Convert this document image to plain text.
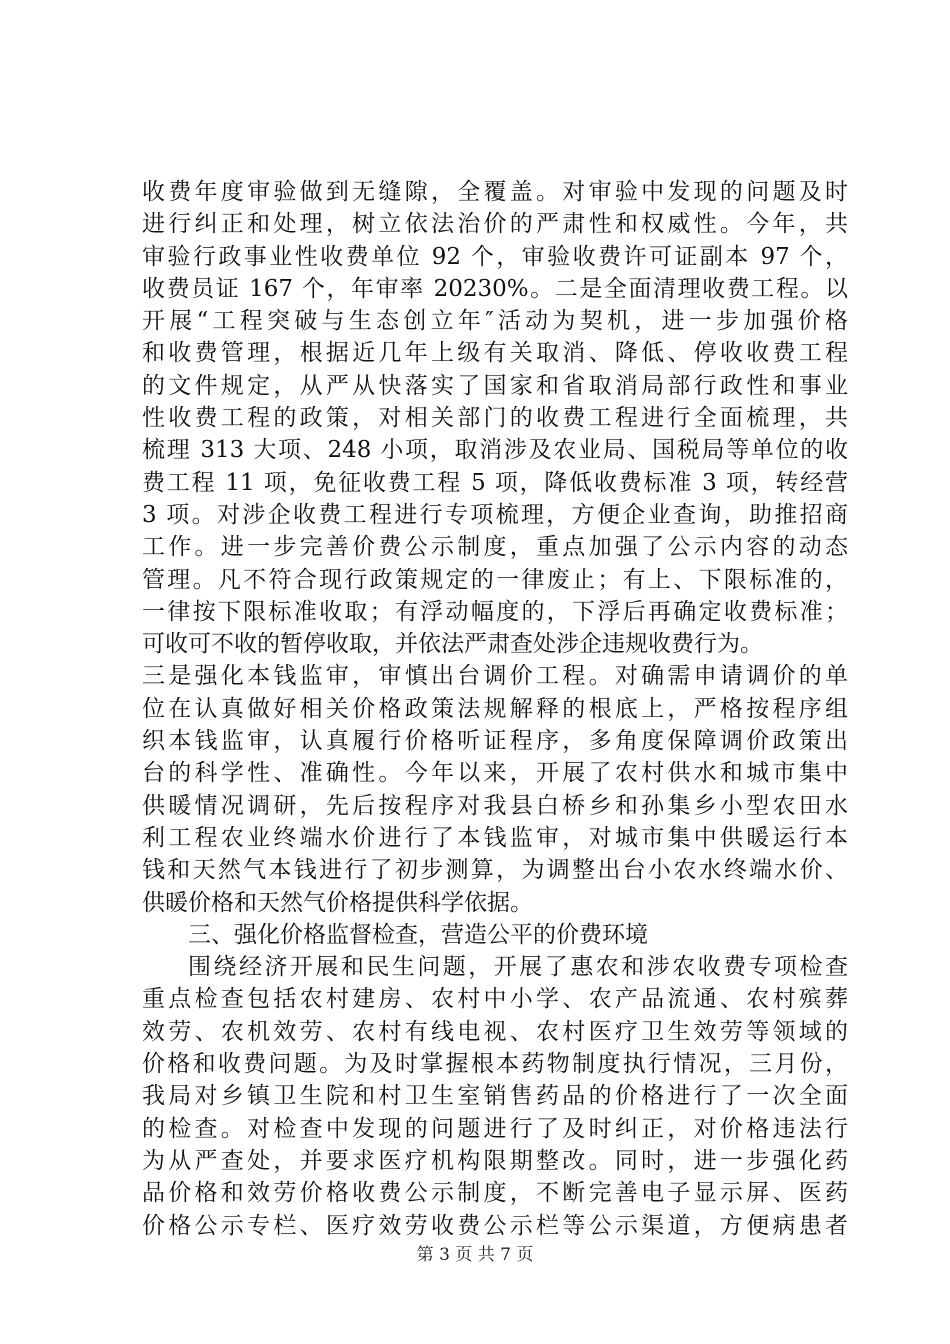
收费年度审验做到无缝隙，全覆盖。对审验中发现的问题及时
进行纠正和处理，树立依法治价的严肃性和权威性。今年，共
审验行政事业性收费单位 92 个，审验收费许可证副本 97 个，
收费员证 167 个，年审率 20230%。二是全面清理收费工程。以
开展“工程突破与生态创立年″活动为契机，进一步加强价格
和收费管理，根据近几年上级有关取消、降低、停收收费工程
的文件规定，从严从快落实了国家和省取消局部行政性和事业
性收费工程的政策，对相关部门的收费工程进行全面梳理，共
梳理 313 大项、248 小项，取消涉及农业局、国税局等单位的收
费工程 11 项，免征收费工程 5 项，降低收费标准 3 项，转经营
3 项。对涉企收费工程进行专项梳理，方便企业查询，助推招商
工作。进一步完善价费公示制度，重点加强了公示内容的动态
管理。凡不符合现行政策规定的一律废止；有上、下限标准的，
一律按下限标准收取；有浮动幅度的，下浮后再确定收费标准；
可收可不收的暂停收取，并依法严肃查处涉企违规收费行为。
三是强化本钱监审，审慎出台调价工程。对确需申请调价的单
位在认真做好相关价格政策法规解释的根底上，严格按程序组
织本钱监审，认真履行价格听证程序，多角度保障调价政策出
台的科学性、准确性。今年以来，开展了农村供水和城市集中
供暖情况调研，先后按程序对我县白桥乡和孙集乡小型农田水
利工程农业终端水价进行了本钱监审，对城市集中供暖运行本
钱和天然气本钱进行了初步测算，为调整出台小农水终端水价、
供暖价格和天然气价格提供科学依据。
三、强化价格监督检查，营造公平的价费环境
围绕经济开展和民生问题，开展了惠农和涉农收费专项检查
重点检查包括农村建房、农村中小学、农产品流通、农村殡葬
效劳、农机效劳、农村有线电视、农村医疗卫生效劳等领域的
价格和收费问题。为及时掌握根本药物制度执行情况，三月份，
我局对乡镇卫生院和村卫生室销售药品的价格进行了一次全面
的检查。对检查中发现的问题进行了及时纠正，对价格违法行
为从严查处，并要求医疗机构限期整改。同时，进一步强化药
品价格和效劳价格收费公示制度，不断完善电子显示屏、医药
价格公示专栏、医疗效劳收费公示栏等公示渠道，方便病患者
第 3 页 共 7 页
